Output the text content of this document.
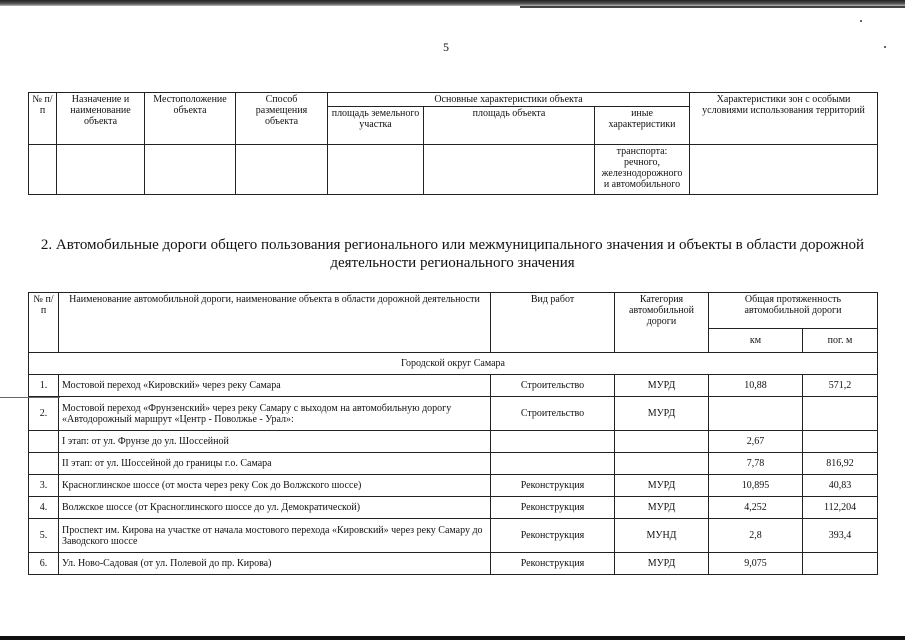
5
№ п/п	Назначение и наименование объекта	Местоположение объекта	Способ размещения объекта	Основные характеристики объекта			Характеристики зон с особыми условиями использования территорий
				площадь земельного участка	площадь объекта	иные характеристики	
						транспорта: речного, железнодорожного и автомобильного	
2. Автомобильные дороги общего пользования регионального или межмуниципального значения и объекты в области дорожной деятельности регионального значения
№ п/п	Наименование автомобильной дороги, наименование объекта в области дорожной деятельности	Вид работ	Категория автомобильной дороги	Общая протяженность автомобильной дороги	
				км	пог. м
Городской округ Самара					
1.	Мостовой переход «Кировский» через реку Самара	Строительство	МУРД	10,88	571,2
2.	Мостовой переход «Фрунзенский» через реку Самару с выходом на автомобильную дорогу «Автодорожный маршрут «Центр - Поволжье - Урал»:	Строительство	МУРД		
	I этап: от ул. Фрунзе до ул. Шоссейной			2,67	
	II этап: от ул. Шоссейной до границы г.о. Самара			7,78	816,92
3.	Красноглинское шоссе (от моста через реку Сок до Волжского шоссе)	Реконструкция	МУРД	10,895	40,83
4.	Волжское шоссе (от Красноглинского шоссе до ул. Демократической)	Реконструкция	МУРД	4,252	112,204
5.	Проспект им. Кирова на участке от начала мостового перехода «Кировский» через реку Самару до Заводского шоссе	Реконструкция	МУНД	2,8	393,4
6.	Ул. Ново-Садовая (от ул. Полевой до пр. Кирова)	Реконструкция	МУРД	9,075	
